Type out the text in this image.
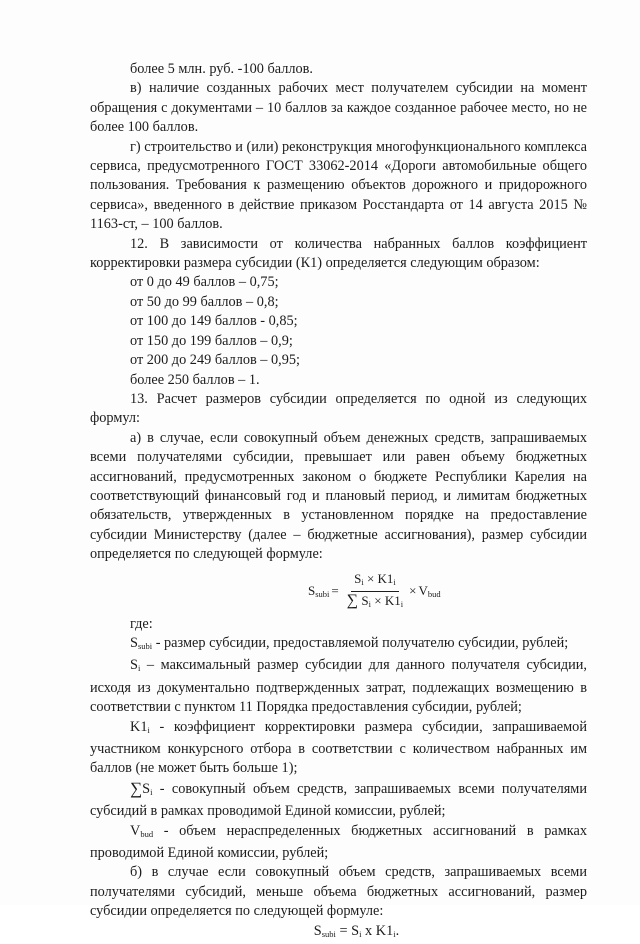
более 5 млн. руб. -100 баллов.

в) наличие созданных рабочих мест получателем субсидии на момент обращения с документами – 10 баллов за каждое созданное рабочее место, но не более 100 баллов.

г) строительство и (или) реконструкция многофункционального комплекса сервиса, предусмотренного ГОСТ 33062-2014 «Дороги автомобильные общего пользования. Требования к размещению объектов дорожного и придорожного сервиса», введенного в действие приказом Росстандарта от 14 августа 2015 № 1163-ст, – 100 баллов.

12. В зависимости от количества набранных баллов коэффициент корректировки размера субсидии (К1) определяется следующим образом:

от 0 до 49 баллов – 0,75;
от 50 до 99 баллов – 0,8;
от 100 до 149 баллов - 0,85;
от 150 до 199 баллов – 0,9;
от 200 до 249 баллов – 0,95;
более 250 баллов – 1.

13. Расчет размеров субсидии определяется по одной из следующих формул:

а) в случае, если совокупный объем денежных средств, запрашиваемых всеми получателями субсидии, превышает или равен объему бюджетных ассигнований, предусмотренных законом о бюджете Республики Карелия на соответствующий финансовый год и плановый период, и лимитам бюджетных обязательств, утвержденных в установленном порядке на предоставление субсидии Министерству (далее – бюджетные ассигнования), размер субсидии определяется по следующей формуле:

$S_{subi} = \frac{S_i \times K1_i}{\sum S_i \times K1_i} \times V_{bud}$

где:

$S_{subi}$ - размер субсидии, предоставляемой получателю субсидии, рублей;

$S_i$ – максимальный размер субсидии для данного получателя субсидии, исходя из документально подтвержденных затрат, подлежащих возмещению в соответствии с пунктом 11 Порядка предоставления субсидии, рублей;

$K1_i$ - коэффициент корректировки размера субсидии, запрашиваемой участником конкурсного отбора в соответствии с количеством набранных им баллов (не может быть больше 1);

$\sum S_i$ - совокупный объем средств, запрашиваемых всеми получателями субсидий в рамках проводимой Единой комиссии, рублей;

$V_{bud}$ - объем нераспределенных бюджетных ассигнований в рамках проводимой Единой комиссии, рублей;

б) в случае если совокупный объем средств, запрашиваемых всеми получателями субсидий, меньше объема бюджетных ассигнований, размер субсидии определяется по следующей формуле:

$S_{subi} = S_i$ x $K1_i$.
